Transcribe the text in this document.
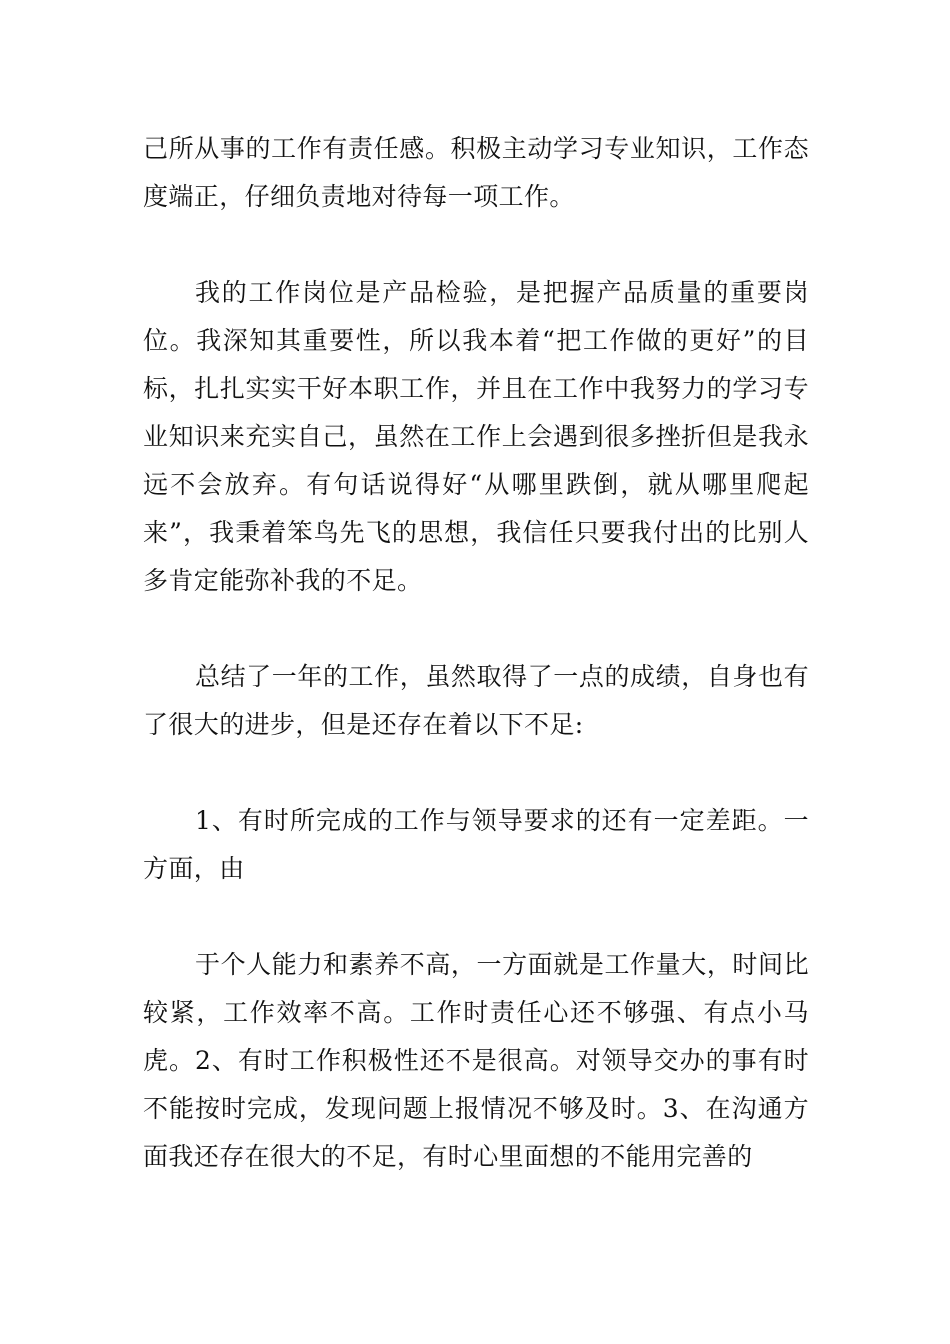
己所从事的工作有责任感。积极主动学习专业知识，工作态度端正，仔细负责地对待每一项工作。

我的工作岗位是产品检验，是把握产品质量的重要岗位。我深知其重要性，所以我本着“把工作做的更好”的目标，扎扎实实干好本职工作，并且在工作中我努力的学习专业知识来充实自己，虽然在工作上会遇到很多挫折但是我永远不会放弃。有句话说得好“从哪里跌倒，就从哪里爬起来”，我秉着笨鸟先飞的思想，我信任只要我付出的比别人多肯定能弥补我的不足。

总结了一年的工作，虽然取得了一点的成绩，自身也有了很大的进步，但是还存在着以下不足:

1、有时所完成的工作与领导要求的还有一定差距。一方面，由

于个人能力和素养不高，一方面就是工作量大，时间比较紧，工作效率不高。工作时责任心还不够强、有点小马虎。2、有时工作积极性还不是很高。对领导交办的事有时不能按时完成，发现问题上报情况不够及时。3、在沟通方面我还存在很大的不足，有时心里面想的不能用完善的
